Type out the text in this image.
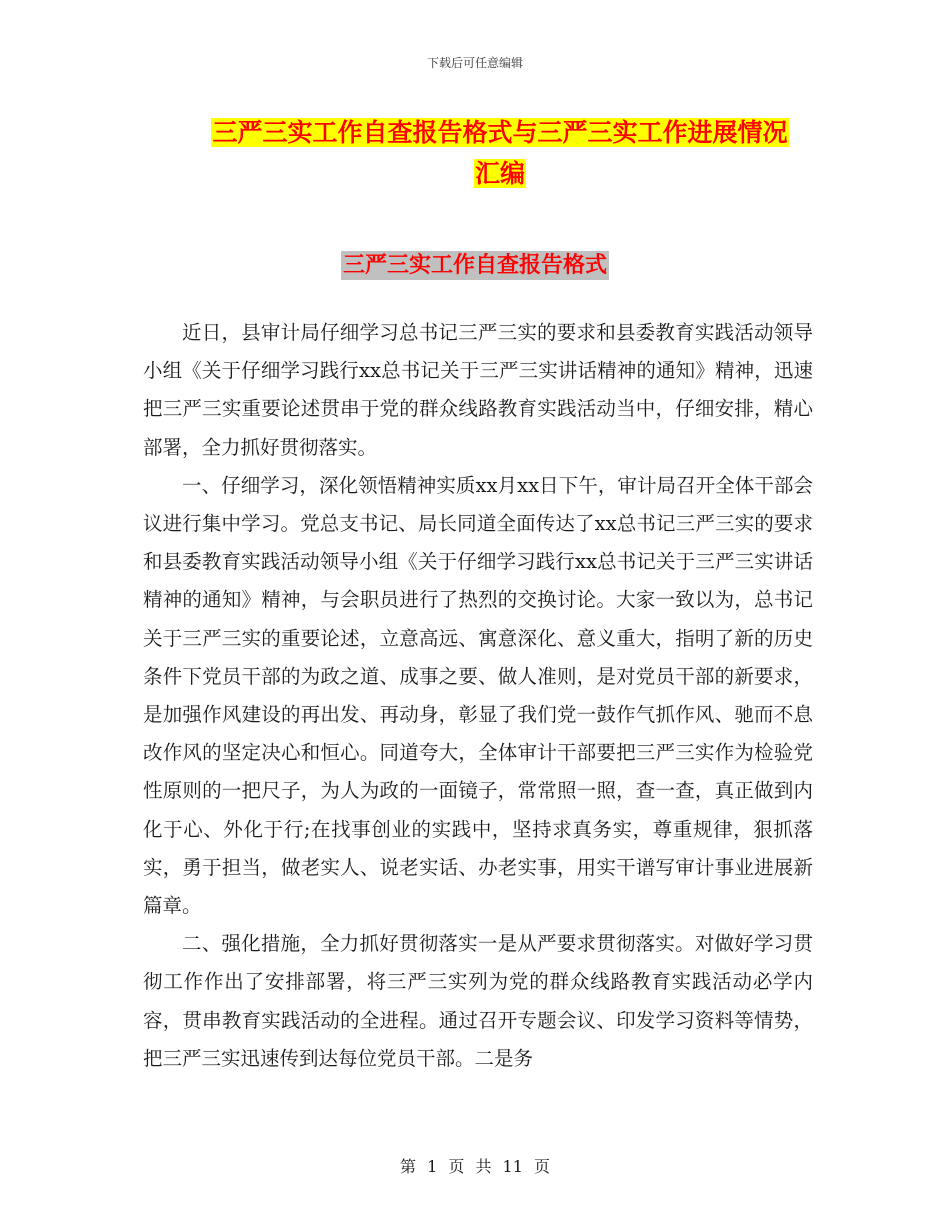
下载后可任意编辑
三严三实工作自查报告格式与三严三实工作进展情况
汇编
三严三实工作自查报告格式

近日，县审计局仔细学习总书记三严三实的要求和县委教育实践活动领导小组《关于仔细学习践行xx总书记关于三严三实讲话精神的通知》精神，迅速把三严三实重要论述贯串于党的群众线路教育实践活动当中，仔细安排，精心部署，全力抓好贯彻落实。

一、仔细学习，深化领悟精神实质xx月xx日下午，审计局召开全体干部会议进行集中学习。党总支书记、局长同道全面传达了xx总书记三严三实的要求和县委教育实践活动领导小组《关于仔细学习践行xx总书记关于三严三实讲话精神的通知》精神，与会职员进行了热烈的交换讨论。大家一致以为，总书记关于三严三实的重要论述，立意高远、寓意深化、意义重大，指明了新的历史条件下党员干部的为政之道、成事之要、做人准则，是对党员干部的新要求，是加强作风建设的再出发、再动身，彰显了我们党一鼓作气抓作风、驰而不息改作风的坚定决心和恒心。同道夸大，全体审计干部要把三严三实作为检验党性原则的一把尺子，为人为政的一面镜子，常常照一照，查一查，真正做到内化于心、外化于行;在找事创业的实践中，坚持求真务实，尊重规律，狠抓落实，勇于担当，做老实人、说老实话、办老实事，用实干谱写审计事业进展新篇章。

二、强化措施，全力抓好贯彻落实一是从严要求贯彻落实。对做好学习贯彻工作作出了安排部署，将三严三实列为党的群众线路教育实践活动必学内容，贯串教育实践活动的全进程。通过召开专题会议、印发学习资料等情势，把三严三实迅速传到达每位党员干部。二是务

第 1 页 共 11 页
